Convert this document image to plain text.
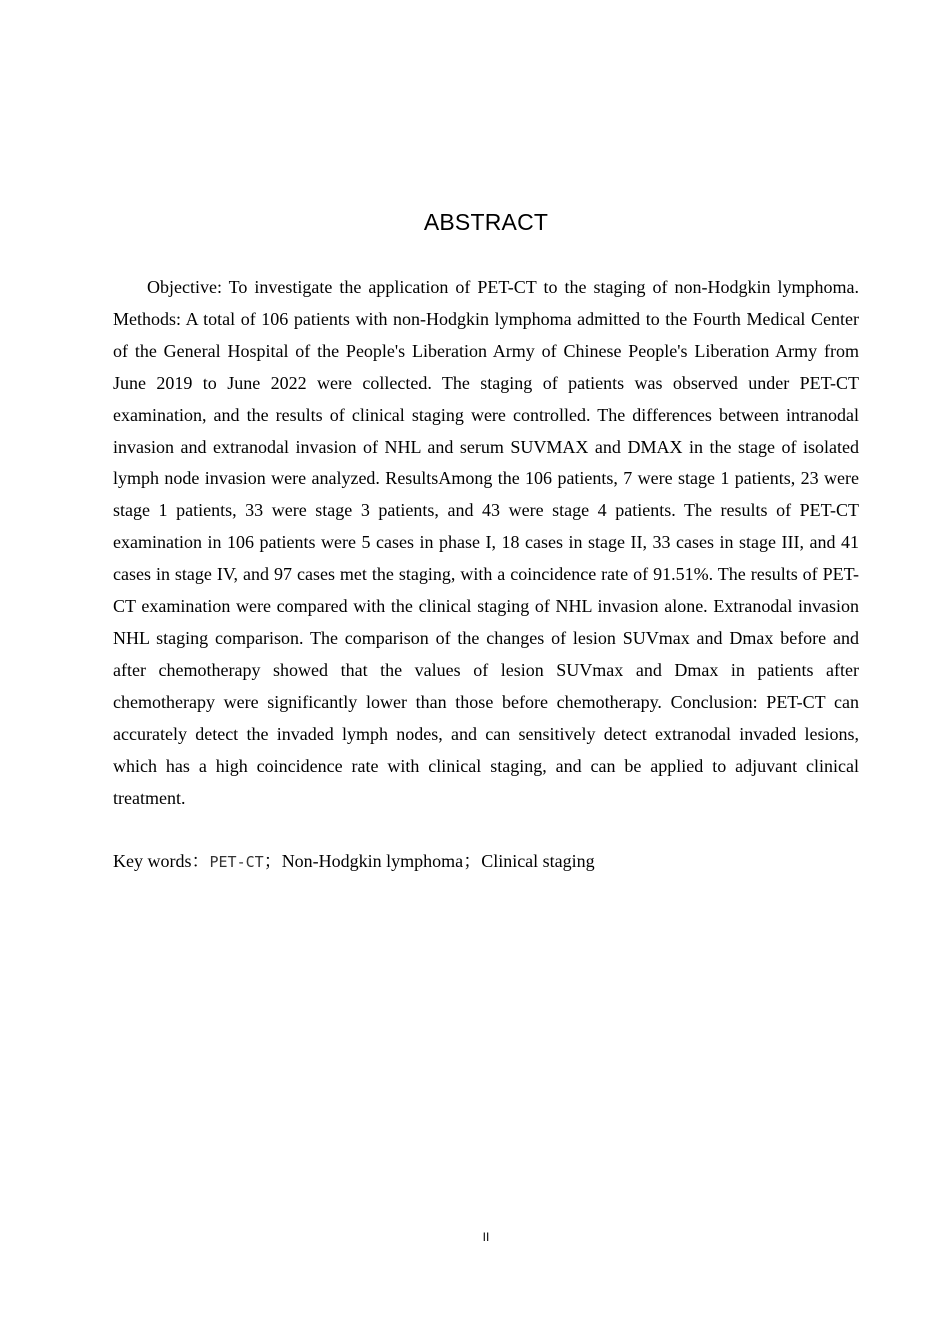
ABSTRACT

Objective: To investigate the application of PET-CT to the staging of non-Hodgkin lymphoma. Methods: A total of 106 patients with non-Hodgkin lymphoma admitted to the Fourth Medical Center of the General Hospital of the People's Liberation Army of Chinese People's Liberation Army from June 2019 to June 2022 were collected. The staging of patients was observed under PET-CT examination, and the results of clinical staging were controlled. The differences between intranodal invasion and extranodal invasion of NHL and serum SUVMAX and DMAX in the stage of isolated lymph node invasion were analyzed. ResultsAmong the 106 patients, 7 were stage 1 patients, 23 were stage 1 patients, 33 were stage 3 patients, and 43 were stage 4 patients. The results of PET-CT examination in 106 patients were 5 cases in phase I, 18 cases in stage II, 33 cases in stage III, and 41 cases in stage IV, and 97 cases met the staging, with a coincidence rate of 91.51%. The results of PET-CT examination were compared with the clinical staging of NHL invasion alone. Extranodal invasion NHL staging comparison. The comparison of the changes of lesion SUVmax and Dmax before and after chemotherapy showed that the values of lesion SUVmax and Dmax in patients after chemotherapy were significantly lower than those before chemotherapy. Conclusion: PET-CT can accurately detect the invaded lymph nodes, and can sensitively detect extranodal invaded lesions, which has a high coincidence rate with clinical staging, and can be applied to adjuvant clinical treatment.

Key words：PET-CT；Non-Hodgkin lymphoma；Clinical staging
II
